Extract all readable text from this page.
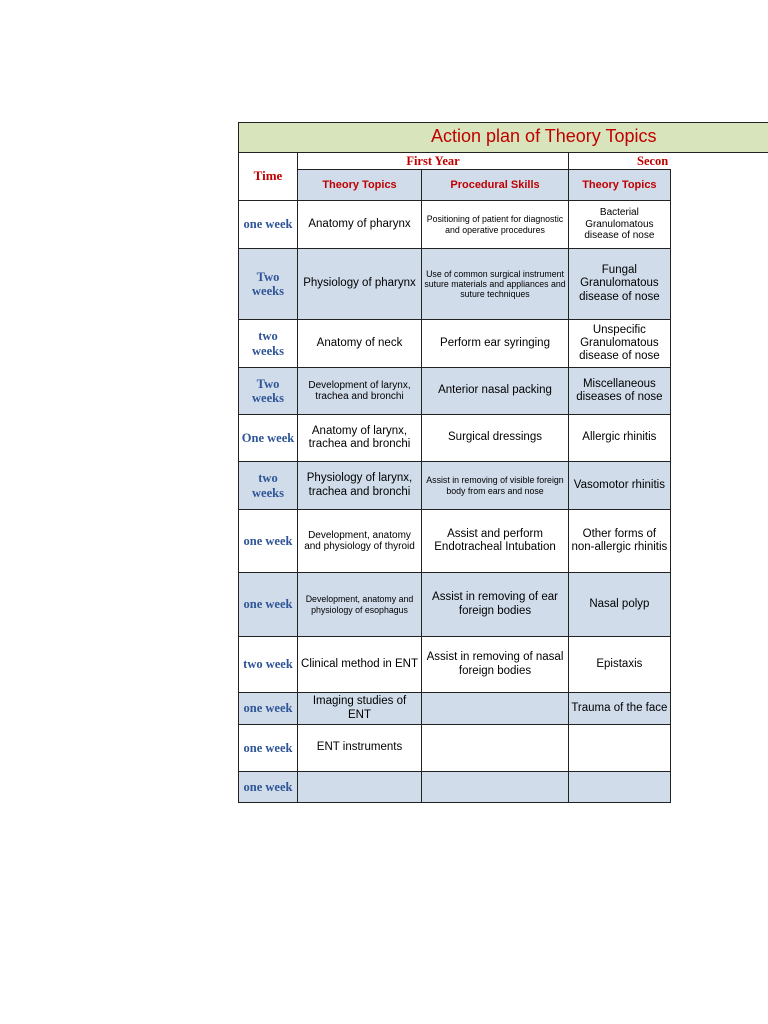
Action plan of Theory Topics
Time	First Year		Secon
	Theory Topics	Procedural Skills	Theory Topics
one week	Anatomy of pharynx	Positioning of patient for diagnostic and operative procedures	Bacterial Granulomatous disease of nose
Two weeks	Physiology of pharynx	Use of common surgical instrument suture materials and appliances and suture techniques	Fungal Granulomatous disease of nose
two weeks	Anatomy of neck	Perform ear syringing	Unspecific Granulomatous disease of nose
Two weeks	Development of larynx, trachea and bronchi	Anterior nasal packing	Miscellaneous diseases of nose
One week	Anatomy of larynx, trachea and bronchi	Surgical dressings	Allergic rhinitis
two weeks	Physiology of larynx, trachea and bronchi	Assist in removing of visible foreign body from ears and nose	Vasomotor rhinitis
one week	Development, anatomy and physiology of thyroid	Assist and perform Endotracheal Intubation	Other forms of non-allergic rhinitis
one week	Development, anatomy and physiology of esophagus	Assist in removing of ear foreign bodies	Nasal polyp
two week	Clinical method in ENT	Assist in removing of nasal foreign bodies	Epistaxis
one week	Imaging studies of ENT		Trauma of the face
one week	ENT instruments		
one week			
